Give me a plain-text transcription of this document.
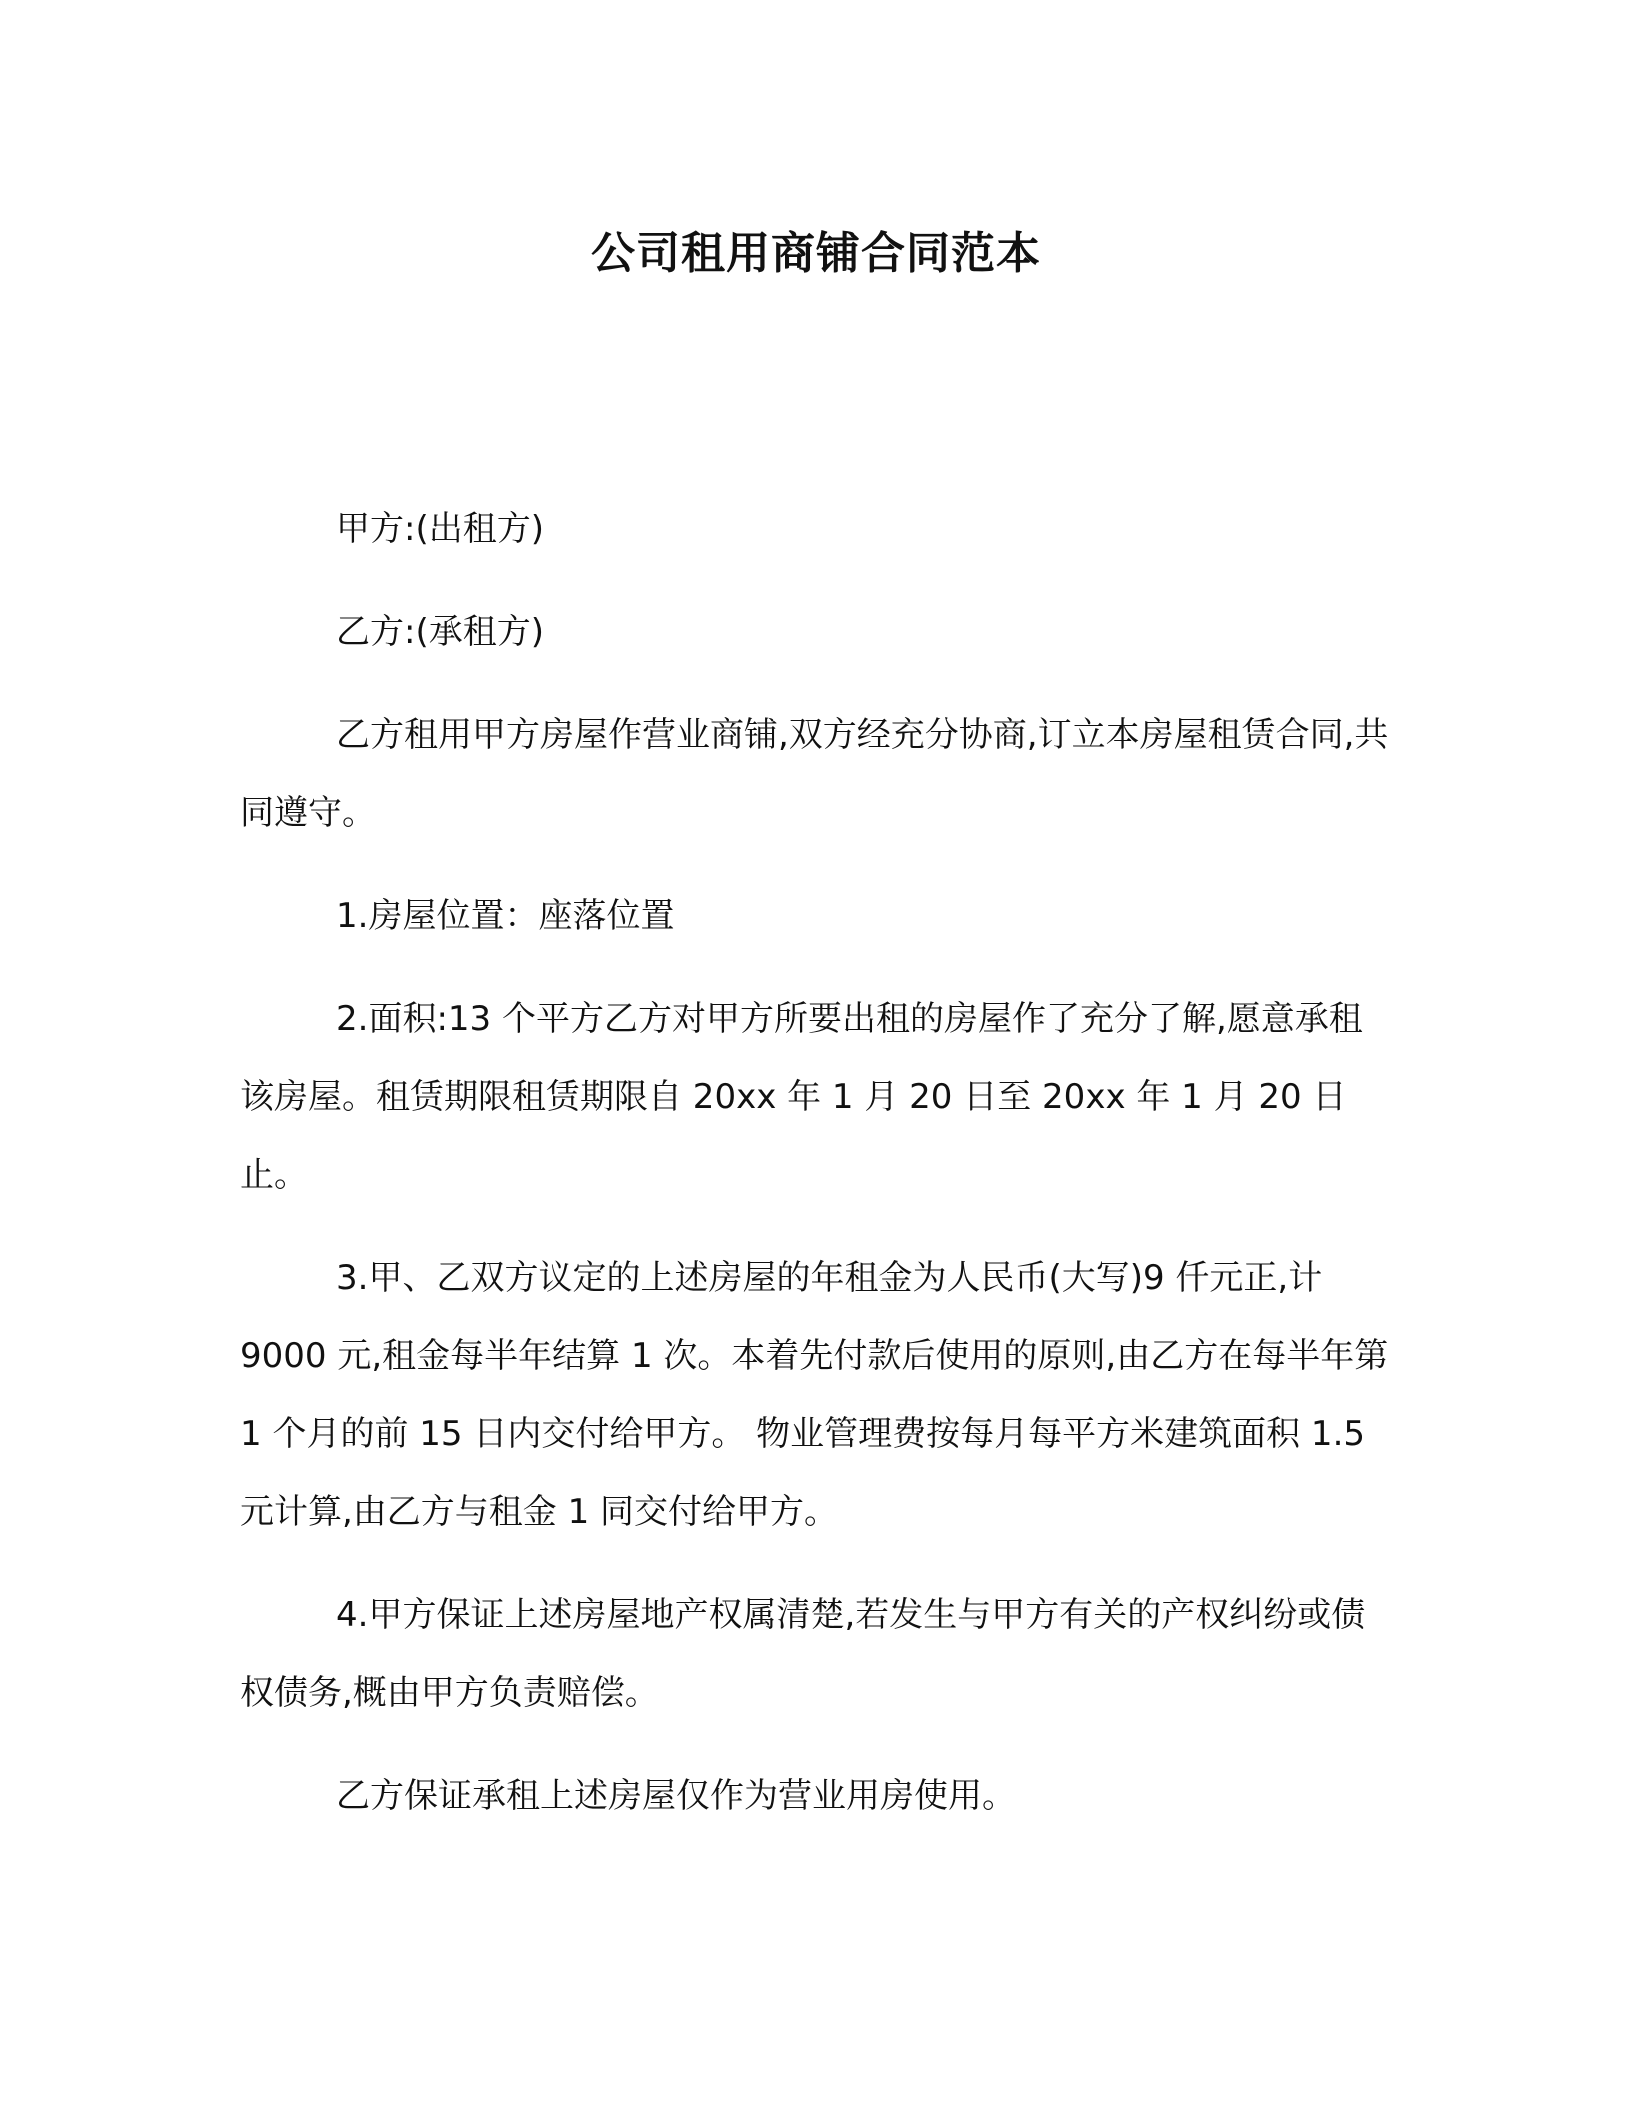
公司租用商铺合同范本

甲方:(出租方)

乙方:(承租方)

乙方租用甲方房屋作营业商铺,双方经充分协商,订立本房屋租赁合同,共同遵守。

1.房屋位置：座落位置

2.面积:13 个平方乙方对甲方所要出租的房屋作了充分了解,愿意承租该房屋。租赁期限租赁期限自 20xx 年 1 月 20 日至 20xx 年 1 月 20 日止。

3.甲、乙双方议定的上述房屋的年租金为人民币(大写)9 仟元正,计 9000 元,租金每半年结算 1 次。本着先付款后使用的原则,由乙方在每半年第 1 个月的前 15 日内交付给甲方。 物业管理费按每月每平方米建筑面积 1.5 元计算,由乙方与租金 1 同交付给甲方。

4.甲方保证上述房屋地产权属清楚,若发生与甲方有关的产权纠纷或债权债务,概由甲方负责赔偿。

乙方保证承租上述房屋仅作为营业用房使用。
